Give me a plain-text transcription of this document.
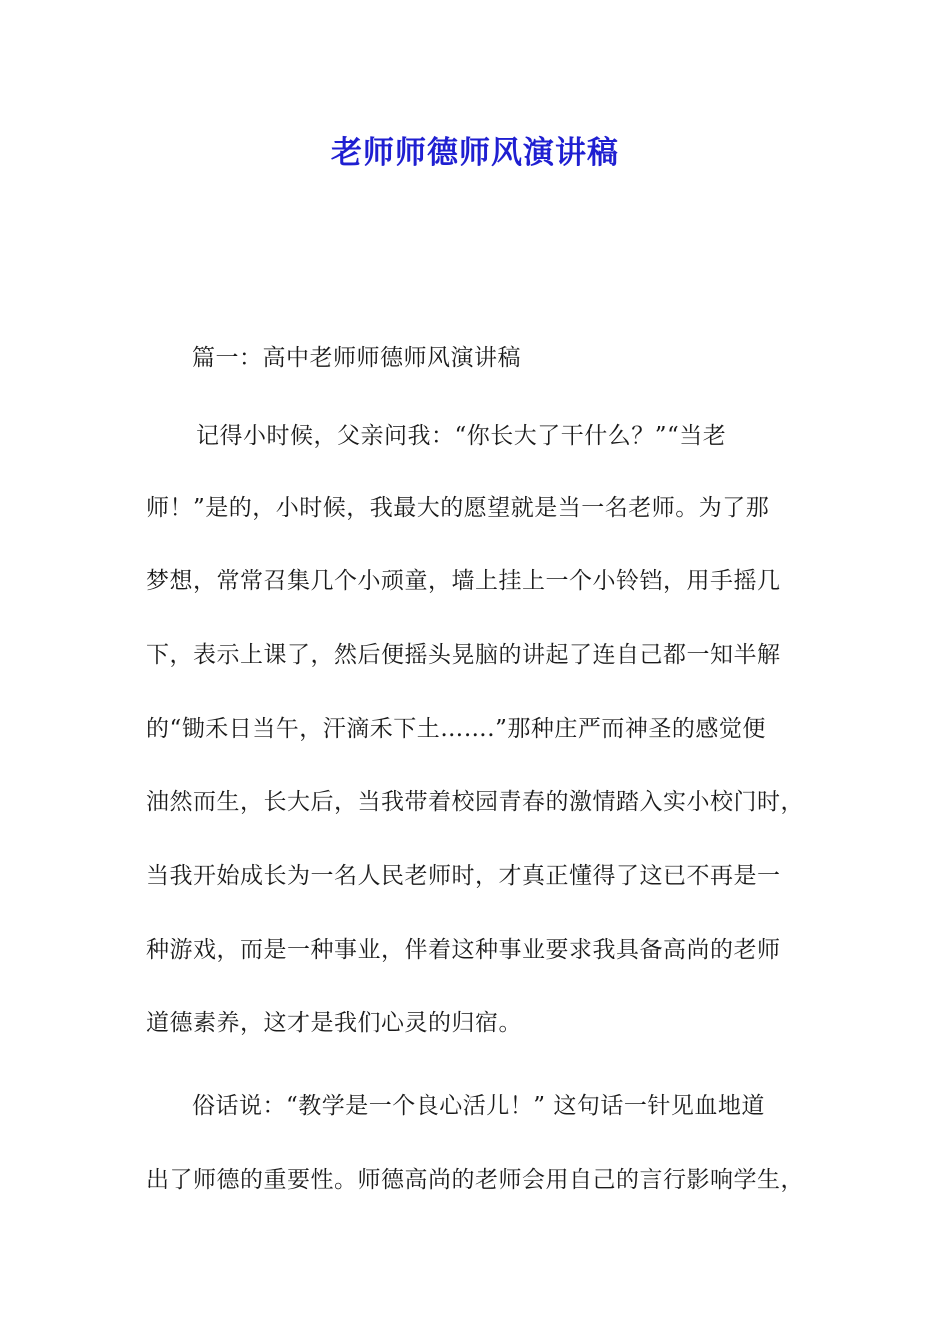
老师师德师风演讲稿
篇一：高中老师师德师风演讲稿
记得小时候，父亲问我：“你长大了干什么？”“当老
师！”是的，小时候，我最大的愿望就是当一名老师。为了那
梦想，常常召集几个小顽童，墙上挂上一个小铃铛，用手摇几
下，表示上课了，然后便摇头晃脑的讲起了连自己都一知半解
的“锄禾日当午，汗滴禾下土…….”那种庄严而神圣的感觉便
油然而生，长大后，当我带着校园青春的激情踏入实小校门时，
当我开始成长为一名人民老师时，才真正懂得了这已不再是一
种游戏，而是一种事业，伴着这种事业要求我具备高尚的老师
道德素养，这才是我们心灵的归宿。
俗话说：“教学是一个良心活儿！” 这句话一针见血地道
出了师德的重要性。师德高尚的老师会用自己的言行影响学生，
